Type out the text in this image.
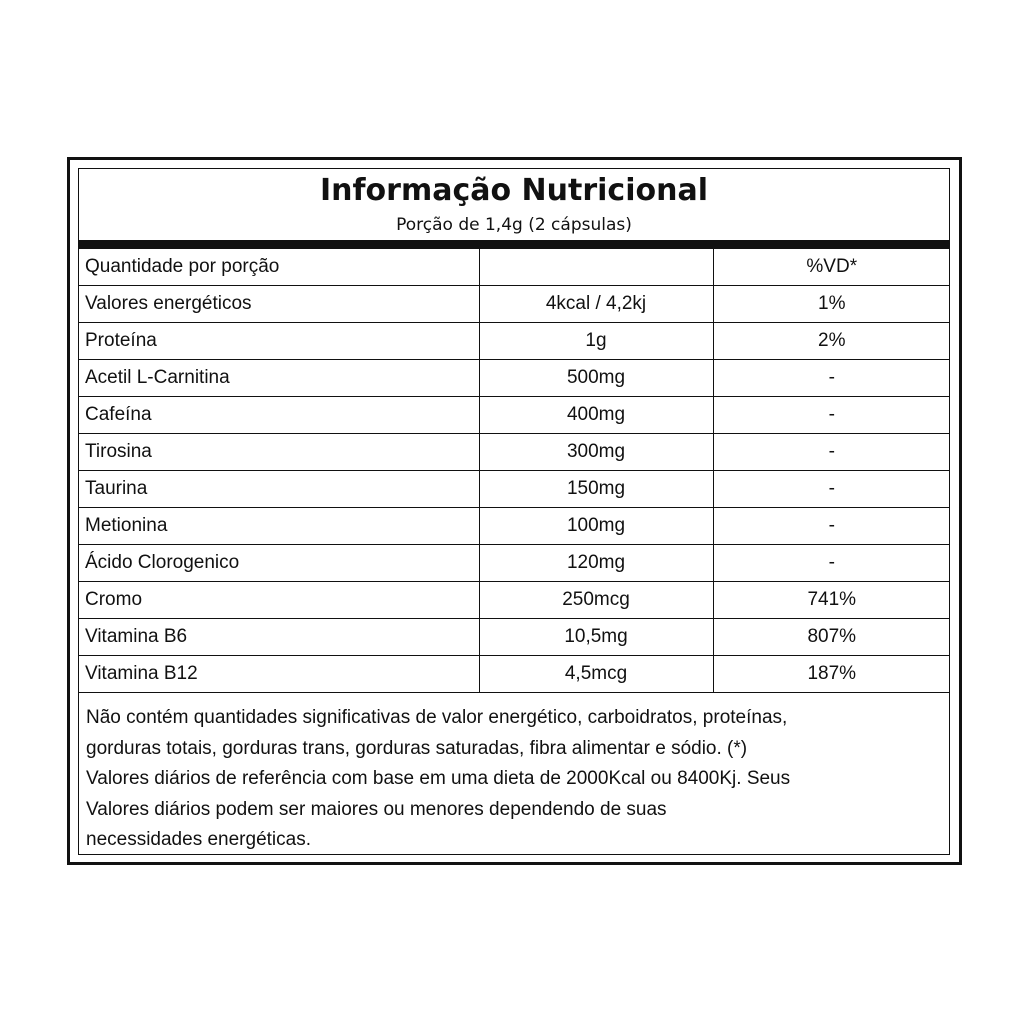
Informação Nutricional
Porção de 1,4g (2 cápsulas)
Quantidade por porção		%VD*
Valores energéticos	4kcal / 4,2kj	1%
Proteína	1g	2%
Acetil L-Carnitina	500mg	-
Cafeína	400mg	-
Tirosina	300mg	-
Taurina	150mg	-
Metionina	100mg	-
Ácido Clorogenico	120mg	-
Cromo	250mcg	741%
Vitamina B6	10,5mg	807%
Vitamina B12	4,5mcg	187%
Não contém quantidades significativas de valor energético, carboidratos, proteínas,
gorduras totais, gorduras trans, gorduras saturadas, fibra alimentar e sódio. (*)
Valores diários de referência com base em uma dieta de 2000Kcal ou 8400Kj. Seus
Valores diários podem ser maiores ou menores dependendo de suas
necessidades energéticas.
